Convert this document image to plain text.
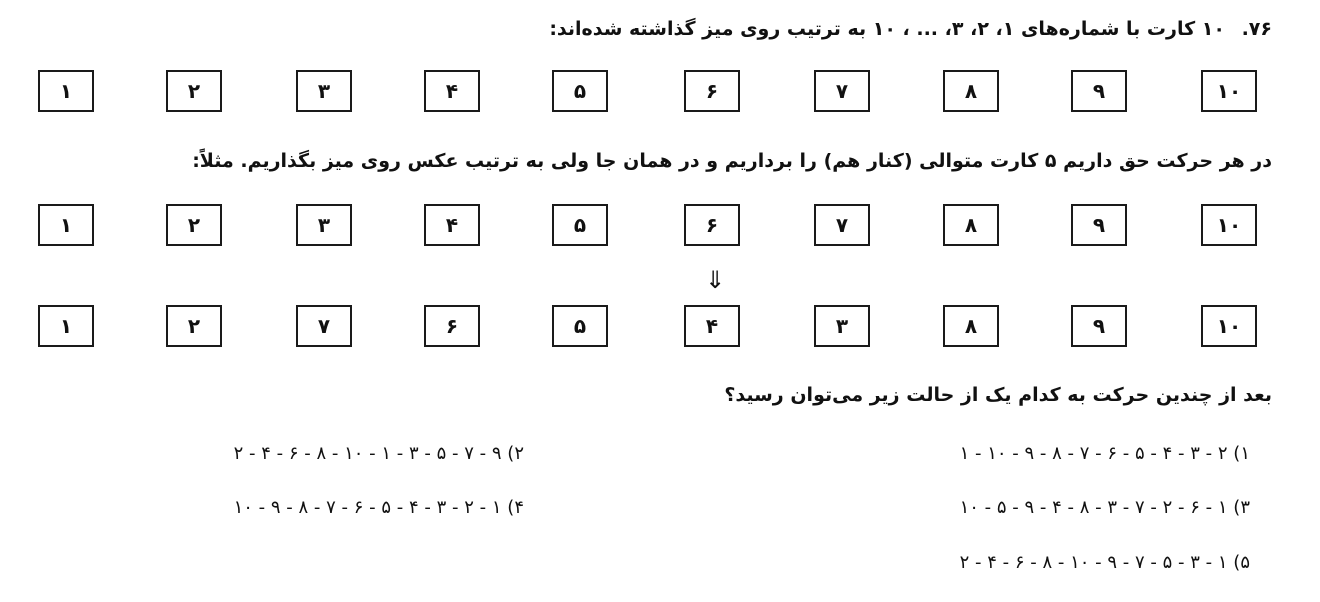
۷۶. ۱۰ کارت با شماره‌های ۱، ۲، ۳، ... ، ۱۰ به ترتیب روی میز گذاشته شده‌اند:
۱	۲	۳	۴	۵	۶	۷	۸	۹	۱۰
در هر حرکت حق داریم ۵ کارت متوالی (کنار هم) را برداریم و در همان جا ولی به ترتیب عکس روی میز بگذاریم. مثلاً:
۱	۲	۳	۴	۵	۶	۷	۸	۹	۱۰
⇓
۱	۲	۷	۶	۵	۴	۳	۸	۹	۱۰
بعد از چندین حرکت به کدام یک از حالت زیر می‌توان رسید؟
۱) ۲ - ۳ - ۴ - ۵ - ۶ - ۷ - ۸ - ۹ - ۱۰ - ۱
۲) ۹ - ۷ - ۵ - ۳ - ۱ - ۱۰ - ۸ - ۶ - ۴ - ۲
۳) ۱ - ۶ - ۲ - ۷ - ۳ - ۸ - ۴ - ۹ - ۵ - ۱۰
۴) ۱ - ۲ - ۳ - ۴ - ۵ - ۶ - ۷ - ۸ - ۹ - ۱۰
۵) ۱ - ۳ - ۵ - ۷ - ۹ - ۱۰ - ۸ - ۶ - ۴ - ۲
